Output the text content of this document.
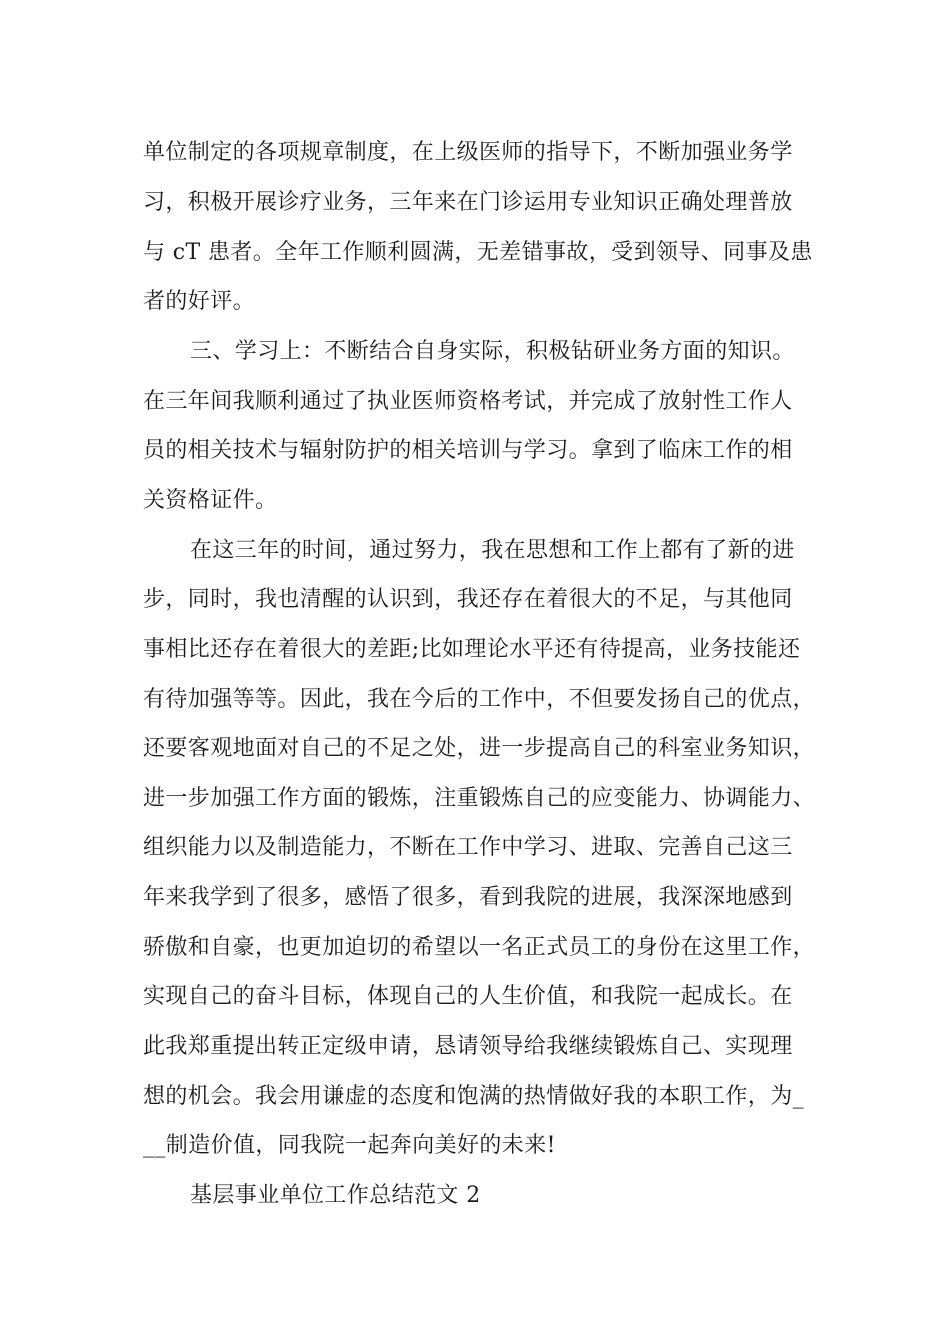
单位制定的各项规章制度，在上级医师的指导下，不断加强业务学

习，积极开展诊疗业务，三年来在门诊运用专业知识正确处理普放

与 cT 患者。全年工作顺利圆满，无差错事故，受到领导、同事及患

者的好评。

三、学习上：不断结合自身实际，积极钻研业务方面的知识。

在三年间我顺利通过了执业医师资格考试，并完成了放射性工作人

员的相关技术与辐射防护的相关培训与学习。拿到了临床工作的相

关资格证件。

在这三年的时间，通过努力，我在思想和工作上都有了新的进

步，同时，我也清醒的认识到，我还存在着很大的不足，与其他同

事相比还存在着很大的差距;比如理论水平还有待提高，业务技能还

有待加强等等。因此，我在今后的工作中，不但要发扬自己的优点，

还要客观地面对自己的不足之处，进一步提高自己的科室业务知识，

进一步加强工作方面的锻炼，注重锻炼自己的应变能力、协调能力、

组织能力以及制造能力，不断在工作中学习、进取、完善自己这三

年来我学到了很多，感悟了很多，看到我院的进展，我深深地感到

骄傲和自豪，也更加迫切的希望以一名正式员工的身份在这里工作，

实现自己的奋斗目标，体现自己的人生价值，和我院一起成长。在

此我郑重提出转正定级申请，恳请领导给我继续锻炼自己、实现理

想的机会。我会用谦虚的态度和饱满的热情做好我的本职工作，为_

__制造价值，同我院一起奔向美好的未来!

基层事业单位工作总结范文 2
